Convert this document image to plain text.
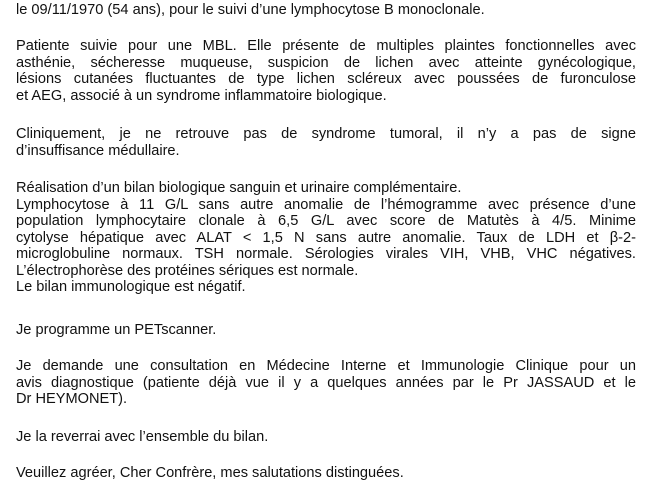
le 09/11/1970 (54 ans), pour le suivi d’une lymphocytose B monoclonale.

Patiente suivie pour une MBL. Elle présente de multiples plaintes fonctionnelles avec
asthénie, sécheresse muqueuse, suspicion de lichen avec atteinte gynécologique,
lésions cutanées fluctuantes de type lichen scléreux avec poussées de furonculose
et AEG, associé à un syndrome inflammatoire biologique.

Cliniquement, je ne retrouve pas de syndrome tumoral, il n’y a pas de signe
d’insuffisance médullaire.

Réalisation d’un bilan biologique sanguin et urinaire complémentaire.
Lymphocytose à 11 G/L sans autre anomalie de l’hémogramme avec présence d’une
population lymphocytaire clonale à 6,5 G/L avec score de Matutès à 4/5. Minime
cytolyse hépatique avec ALAT < 1,5 N sans autre anomalie. Taux de LDH et β-2-
microglobuline normaux. TSH normale. Sérologies virales VIH, VHB, VHC négatives.
L’électrophorèse des protéines sériques est normale.
Le bilan immunologique est négatif.

Je programme un PETscanner.

Je demande une consultation en Médecine Interne et Immunologie Clinique pour un
avis diagnostique (patiente déjà vue il y a quelques années par le Pr JASSAUD et le
Dr HEYMONET).

Je la reverrai avec l’ensemble du bilan.

Veuillez agréer, Cher Confrère, mes salutations distinguées.
